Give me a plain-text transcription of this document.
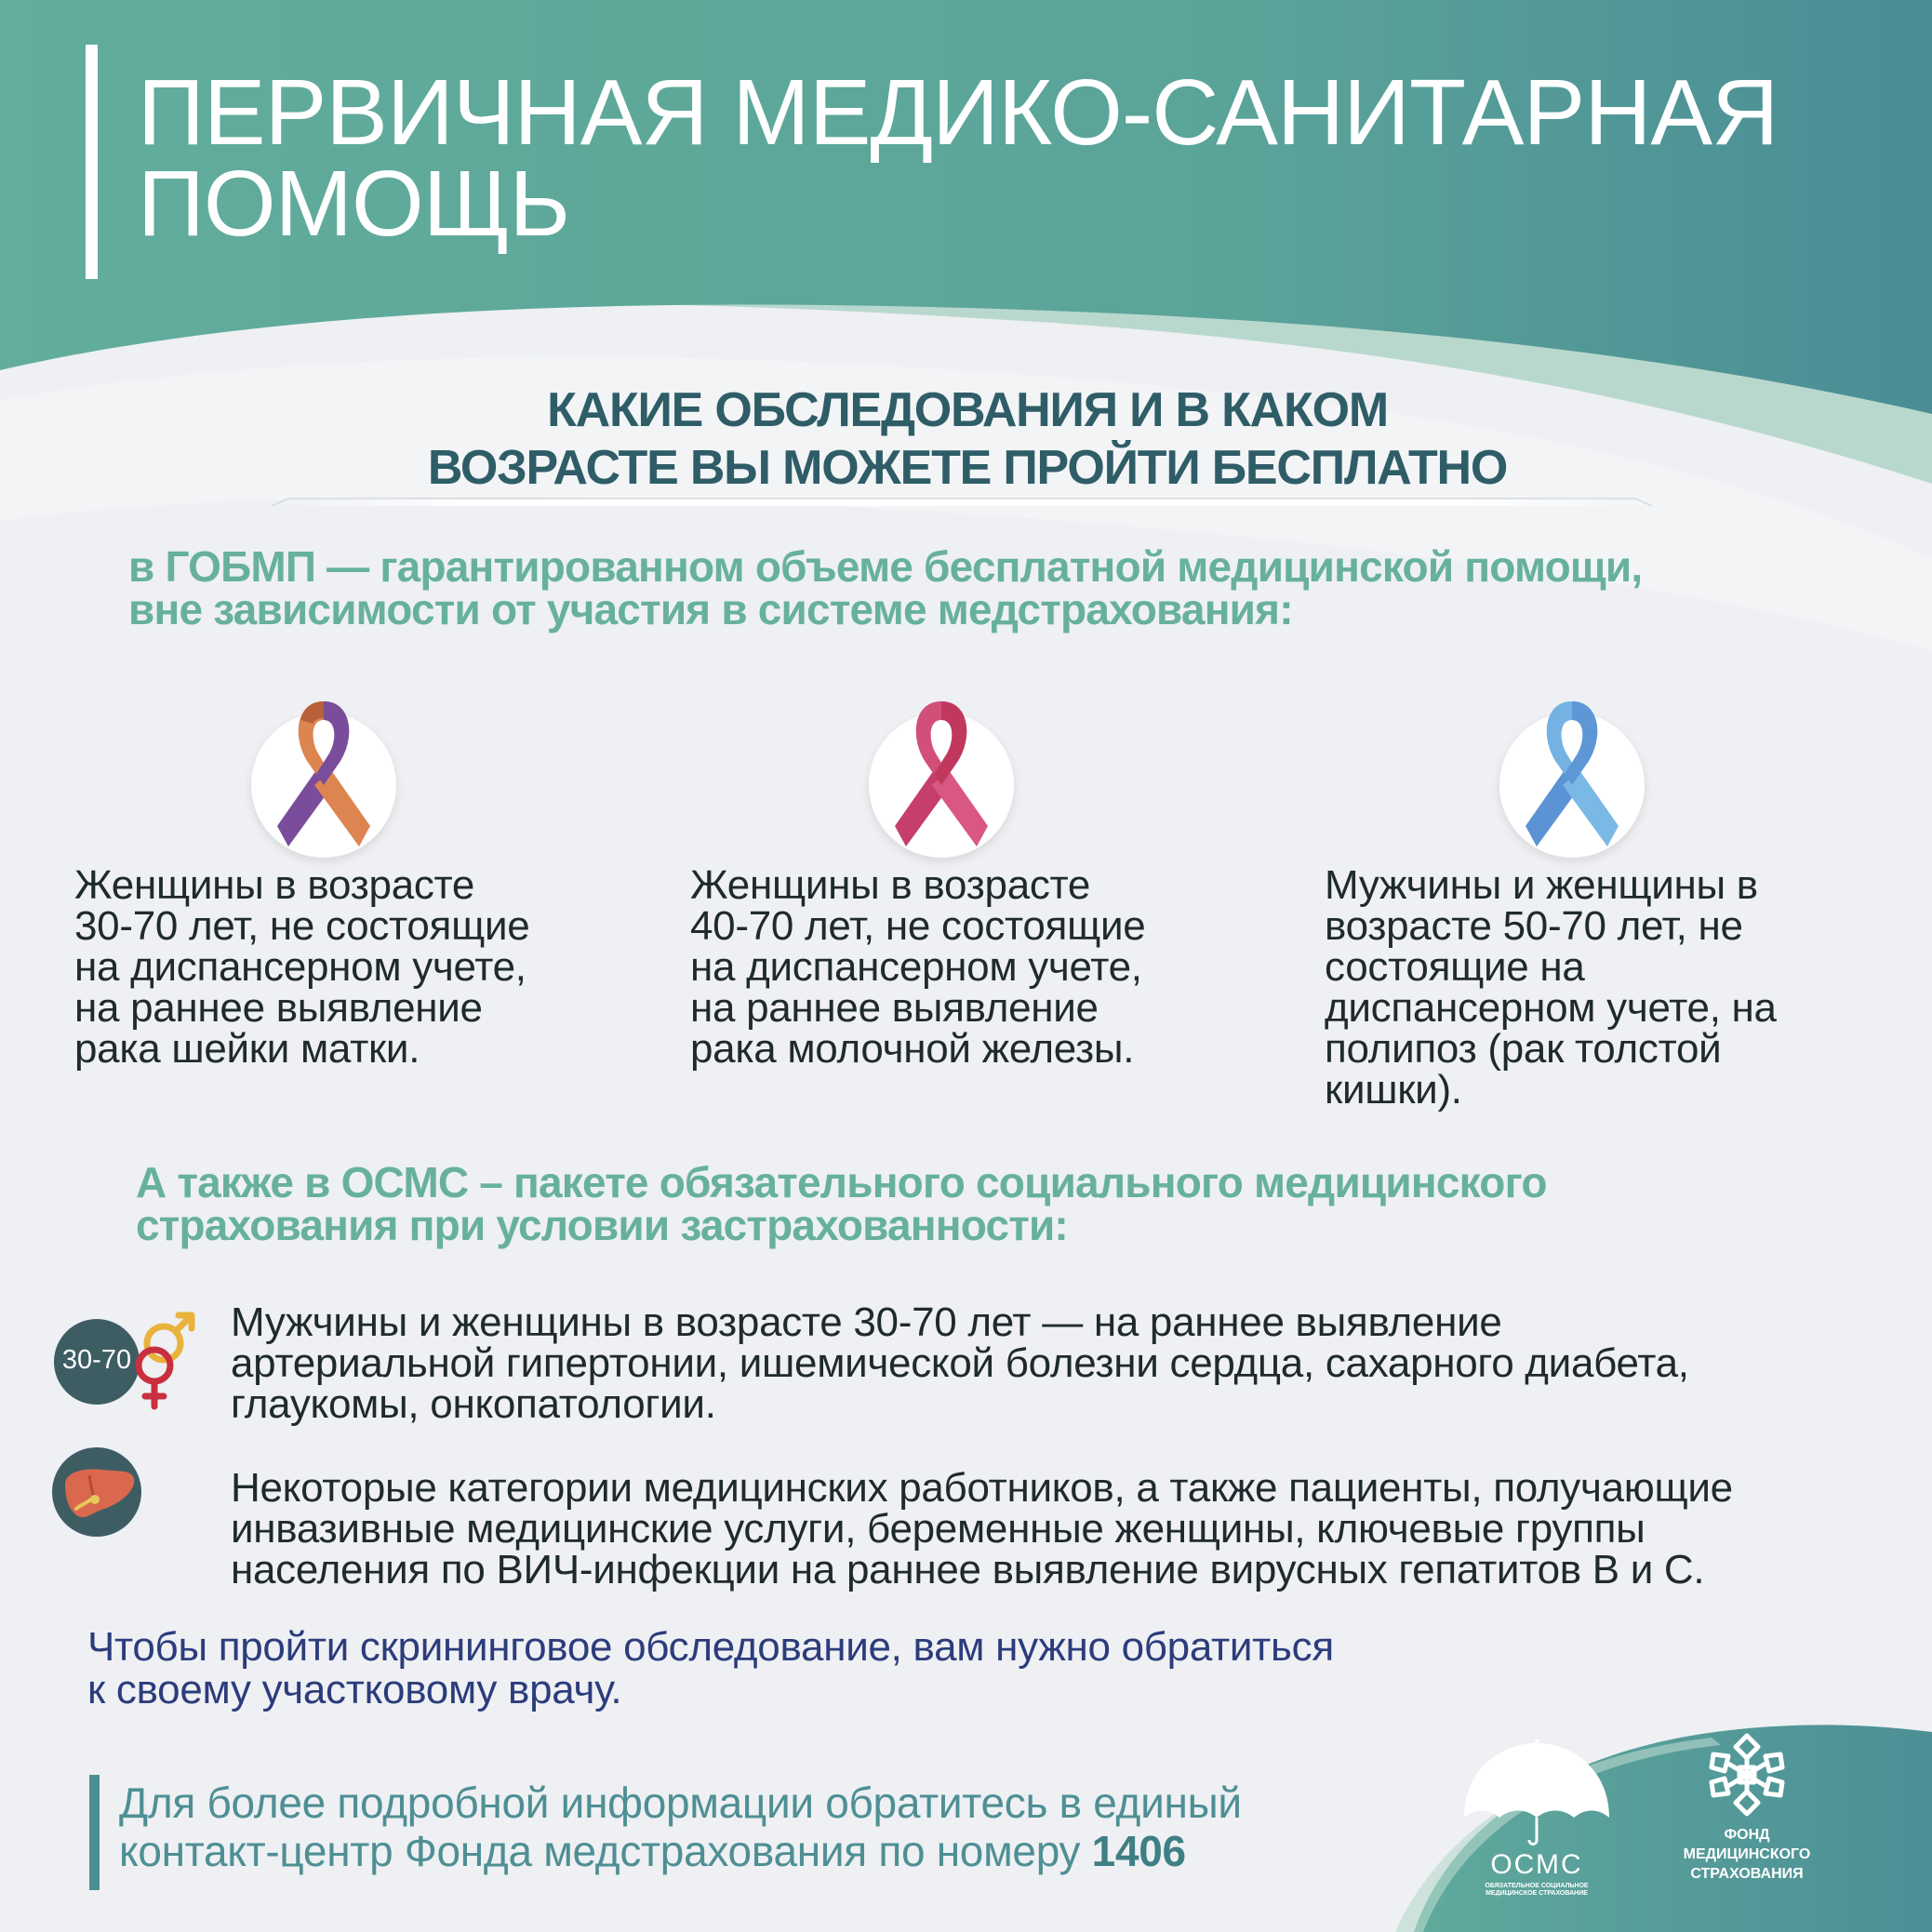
ПЕРВИЧНАЯ МЕДИКО-САНИТАРНАЯ
ПОМОЩЬ
КАКИЕ ОБСЛЕДОВАНИЯ И В КАКОМ
ВОЗРАСТЕ ВЫ МОЖЕТЕ ПРОЙТИ БЕСПЛАТНО
в ГОБМП — гарантированном объеме бесплатной медицинской помощи,
вне зависимости от участия в системе медстрахования:
Женщины в возрасте
30-70 лет, не состоящие
на диспансерном учете,
на раннее выявление
рака шейки матки.
Женщины в возрасте
40-70 лет, не состоящие
на диспансерном учете,
на раннее выявление
рака молочной железы.
Мужчины и женщины в
возрасте 50-70 лет, не
состоящие на
диспансерном учете, на
полипоз (рак толстой
кишки).
А также в ОСМС – пакете обязательного социального медицинского
страхования при условии застрахованности:
30-70
Мужчины и женщины в возрасте 30-70 лет — на раннее выявление
артериальной гипертонии, ишемической болезни сердца, сахарного диабета,
глаукомы, онкопатологии.
Некоторые категории медицинских работников, а также пациенты, получающие
инвазивные медицинские услуги, беременные женщины, ключевые группы
населения по ВИЧ-инфекции на раннее выявление вирусных гепатитов В и С.
Чтобы пройти скрининговое обследование, вам нужно обратиться
к своему участковому врачу.
Для более подробной информации обратитесь в единый
контакт-центр Фонда медстрахования по номеру 1406	ОСМС
ОБЯЗАТЕЛЬНОЕ СОЦИАЛЬНОЕ
МЕДИЦИНСКОЕ СТРАХОВАНИЕ
ФОНД
МЕДИЦИНСКОГО
СТРАХОВАНИЯ
